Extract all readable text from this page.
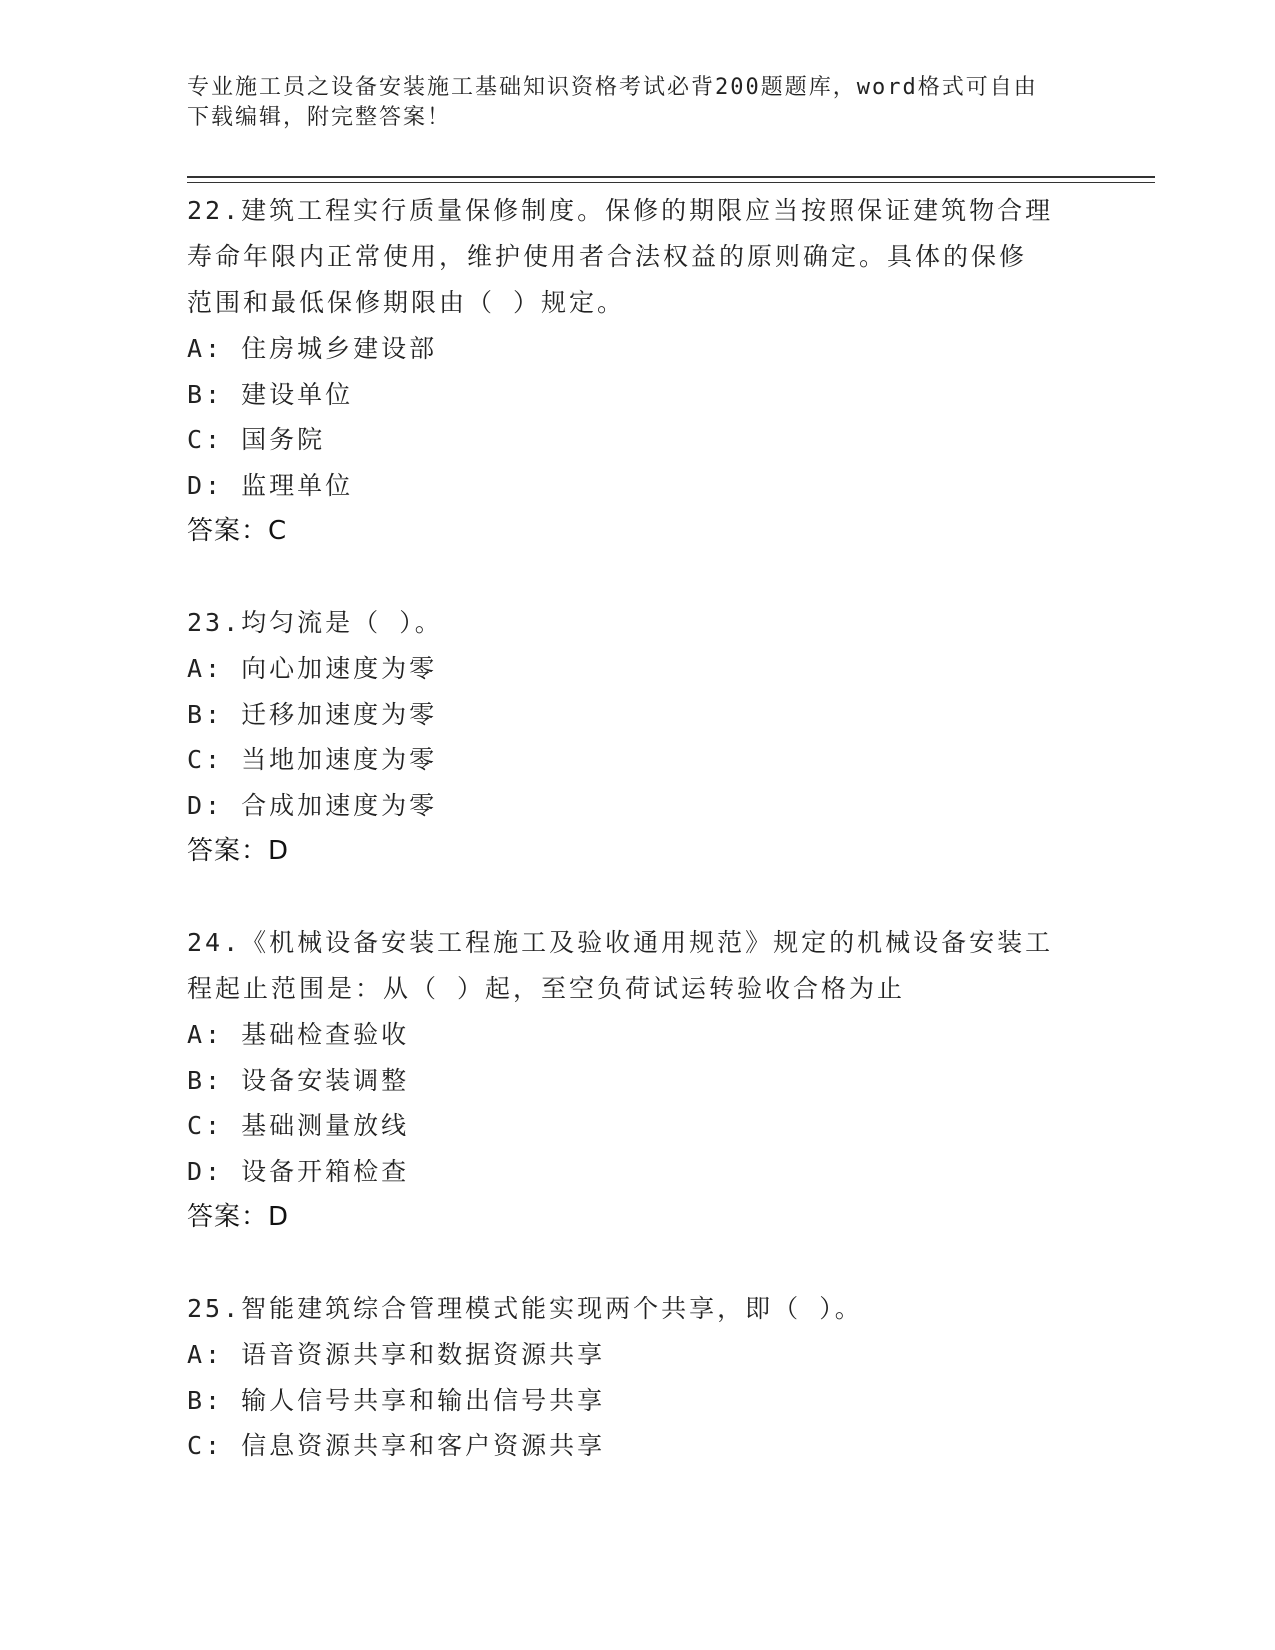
专业施工员之设备安装施工基础知识资格考试必背200题题库，word格式可自由
下载编辑，附完整答案！
22.建筑工程实行质量保修制度。保修的期限应当按照保证建筑物合理
寿命年限内正常使用，维护使用者合法权益的原则确定。具体的保修
范围和最低保修期限由（ ）规定。
A: 住房城乡建设部
B: 建设单位
C: 国务院
D: 监理单位
答案：C
23.均匀流是（ ）。
A: 向心加速度为零
B: 迁移加速度为零
C: 当地加速度为零
D: 合成加速度为零
答案：D
24.《机械设备安装工程施工及验收通用规范》规定的机械设备安装工
程起止范围是：从（ ）起，至空负荷试运转验收合格为止
A: 基础检查验收
B: 设备安装调整
C: 基础测量放线
D: 设备开箱检查
答案：D
25.智能建筑综合管理模式能实现两个共享，即（ ）。
A: 语音资源共享和数据资源共享
B: 输人信号共享和输出信号共享
C: 信息资源共享和客户资源共享
